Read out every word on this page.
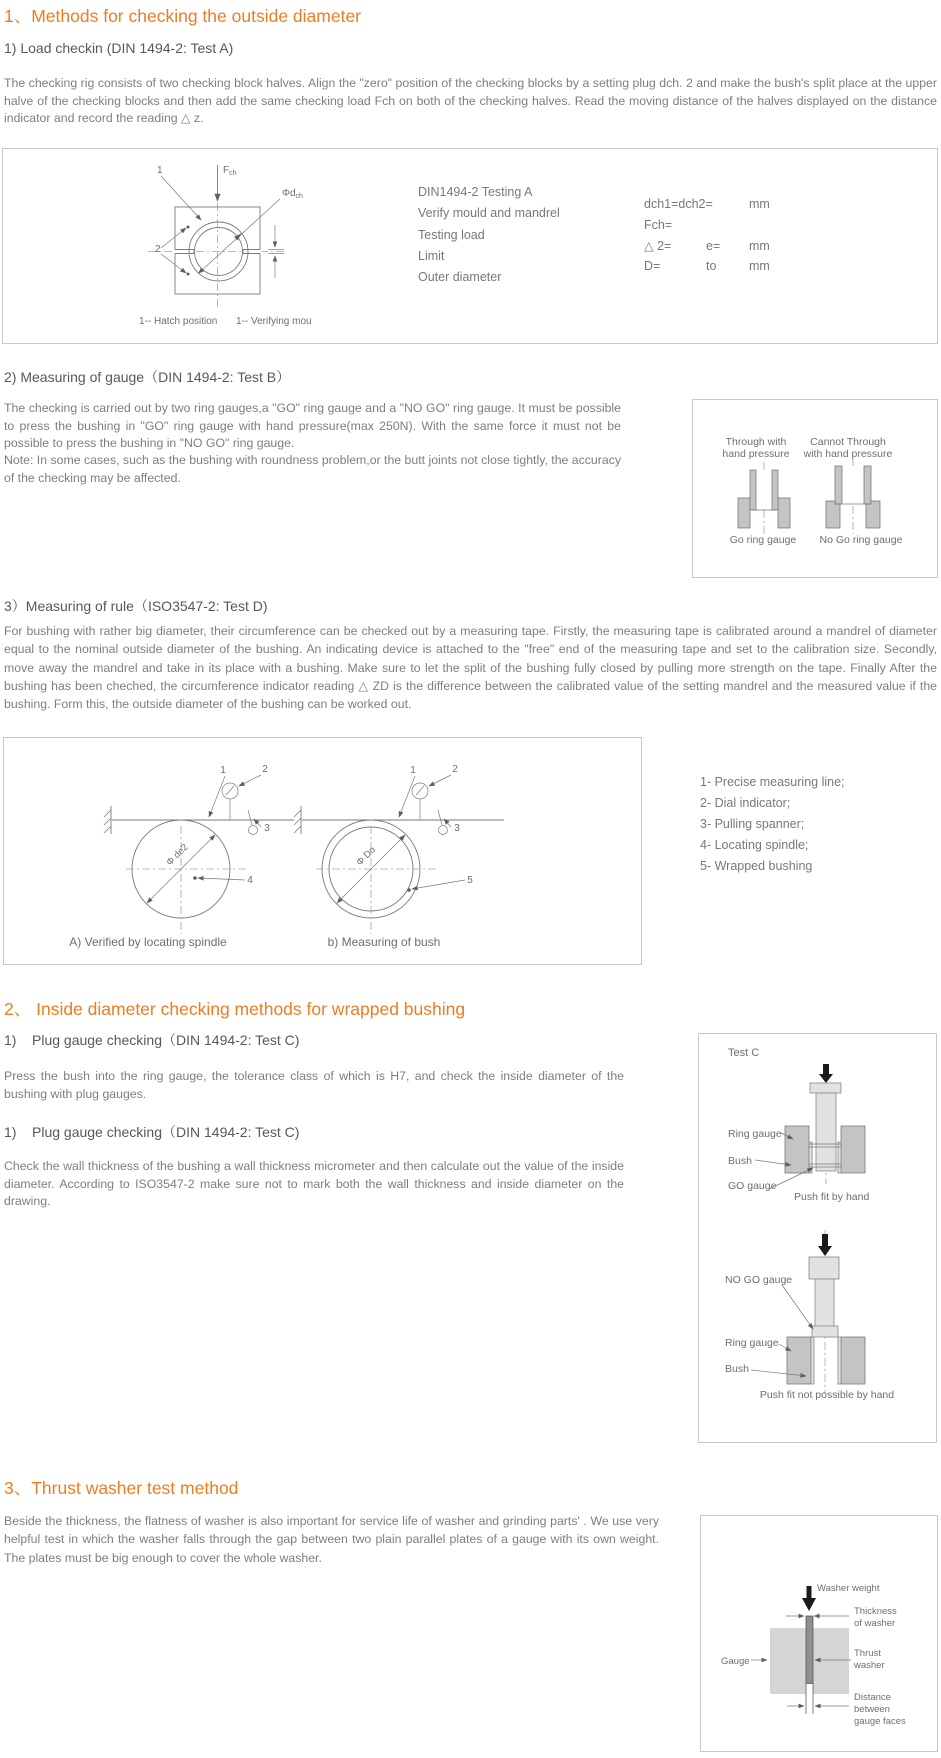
1、Methods for checking the outside diameter
1) Load checkin (DIN 1494-2: Test A)
The checking rig consists of two checking block halves. Align the "zero" position of the checking blocks by a setting plug dch. 2 and make the bush's split place at the upper halve of the checking blocks and then add the same checking load Fch on both of the checking halves. Read the moving distance of the halves displayed on the distance indicator and record the reading △ z.
$F_{ch}$
$\Phi d_{ch}$
1
2
1-- Hatch position 1-- Verifying mou
DIN1494-2 Testing A
Verify mould and mandrel
Testing load
Limit
Outer diameter
dch1=dch2=	mm
Fch=
△ 2=	e=	mm
D=	to	mm
2) Measuring of gauge（DIN 1494-2: Test B）
The checking is carried out by two ring gauges,a "GO" ring gauge and a "NO GO" ring gauge. It must be possible to press the bushing in "GO" ring gauge with hand pressure(max 250N). With the same force it must not be possible to press the bushing in "NO GO" ring gauge.
Note: In some cases, such as the bushing with roundness problem,or the butt joints not close tightly, the accuracy of the checking may be affected.
Through with
hand pressure
Cannot Through
with hand pressure
Go ring gauge No Go ring gauge
3）Measuring of rule（ISO3547-2: Test D)
For bushing with rather big diameter, their circumference can be checked out by a measuring tape. Firstly, the measuring tape is calibrated around a mandrel of diameter equal to the nominal outside diameter of the bushing. An indicating device is attached to the "free" end of the measuring tape and set to the calibration size. Secondly, move away the mandrel and take in its place with a bushing. Make sure to let the split of the bushing fully closed by pulling more strength on the tape. Finally After the bushing has been cheched, the circumference indicator reading △ ZD is the difference between the calibrated value of the setting mandrel and the measured value if the bushing. Form this, the outside diameter of the bushing can be worked out.
Φ de2
1	2
3
4
Φ Do
1	2
3
5
A) Verified by locating spindle	b) Measuring of bush
1- Precise measuring line;
2- Dial indicator;
3- Pulling spanner;
4- Locating spindle;
5- Wrapped bushing
2、 Inside diameter checking methods for wrapped bushing
1)    Plug gauge checking（DIN 1494-2: Test C)
Press the bush into the ring gauge, the tolerance class of which is H7, and check the inside diameter of the bushing with plug gauges.
1)    Plug gauge checking（DIN 1494-2: Test C)
Check the wall thickness of the bushing a wall thickness micrometer and then calculate out the value of the inside diameter. According to ISO3547-2 make sure not to mark both the wall thickness and inside diameter on the drawing.
Test C
Ring gauge
Bush
GO gauge
Push fit by hand
NO GO gauge
Ring gauge
Bush
Push fit not possible by hand
3、Thrust washer test method
Beside the thickness, the flatness of washer is also important for service life of washer and grinding parts' . We use very helpful test in which the washer falls through the gap between two plain parallel plates of a gauge with its own weight. The plates must be big enough to cover the whole washer.
Washer weight
Thickness
of washer
Gauge
Thrust
washer
Distance
between
gauge faces
